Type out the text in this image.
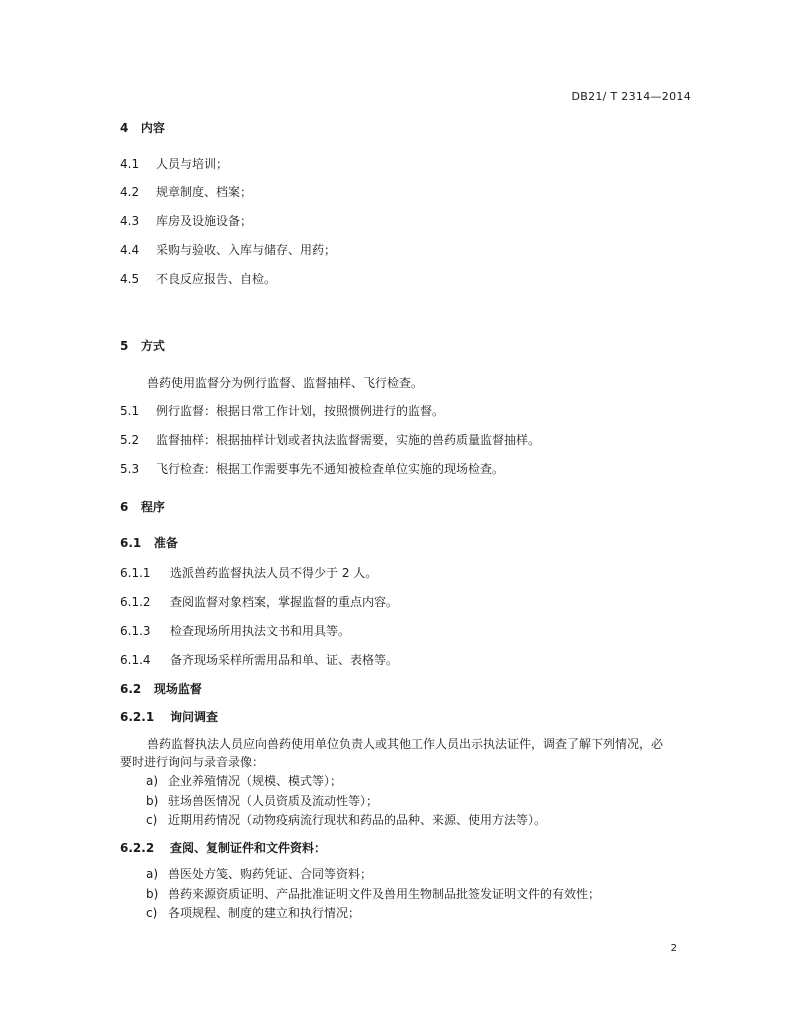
DB21/ T 2314—2014
4 内容
4.1 人员与培训；
4.2 规章制度、档案；
4.3 库房及设施设备；
4.4 采购与验收、入库与储存、用药；
4.5 不良反应报告、自检。
5 方式
兽药使用监督分为例行监督、监督抽样、飞行检查。
5.1 例行监督：根据日常工作计划，按照惯例进行的监督。
5.2 监督抽样：根据抽样计划或者执法监督需要，实施的兽药质量监督抽样。
5.3 飞行检查：根据工作需要事先不通知被检查单位实施的现场检查。
6 程序
6.1 准备
6.1.1 选派兽药监督执法人员不得少于 2 人。
6.1.2 查阅监督对象档案，掌握监督的重点内容。
6.1.3 检查现场所用执法文书和用具等。
6.1.4 备齐现场采样所需用品和单、证、表格等。
6.2 现场监督
6.2.1 询问调查
兽药监督执法人员应向兽药使用单位负责人或其他工作人员出示执法证件，调查了解下列情况，必
要时进行询问与录音录像：
a) 企业养殖情况（规模、模式等）；
b) 驻场兽医情况（人员资质及流动性等）；
c) 近期用药情况（动物疫病流行现状和药品的品种、来源、使用方法等）。
6.2.2 查阅、复制证件和文件资料：
a) 兽医处方笺、购药凭证、合同等资料；
b) 兽药来源资质证明、产品批准证明文件及兽用生物制品批签发证明文件的有效性；
c) 各项规程、制度的建立和执行情况；
2
